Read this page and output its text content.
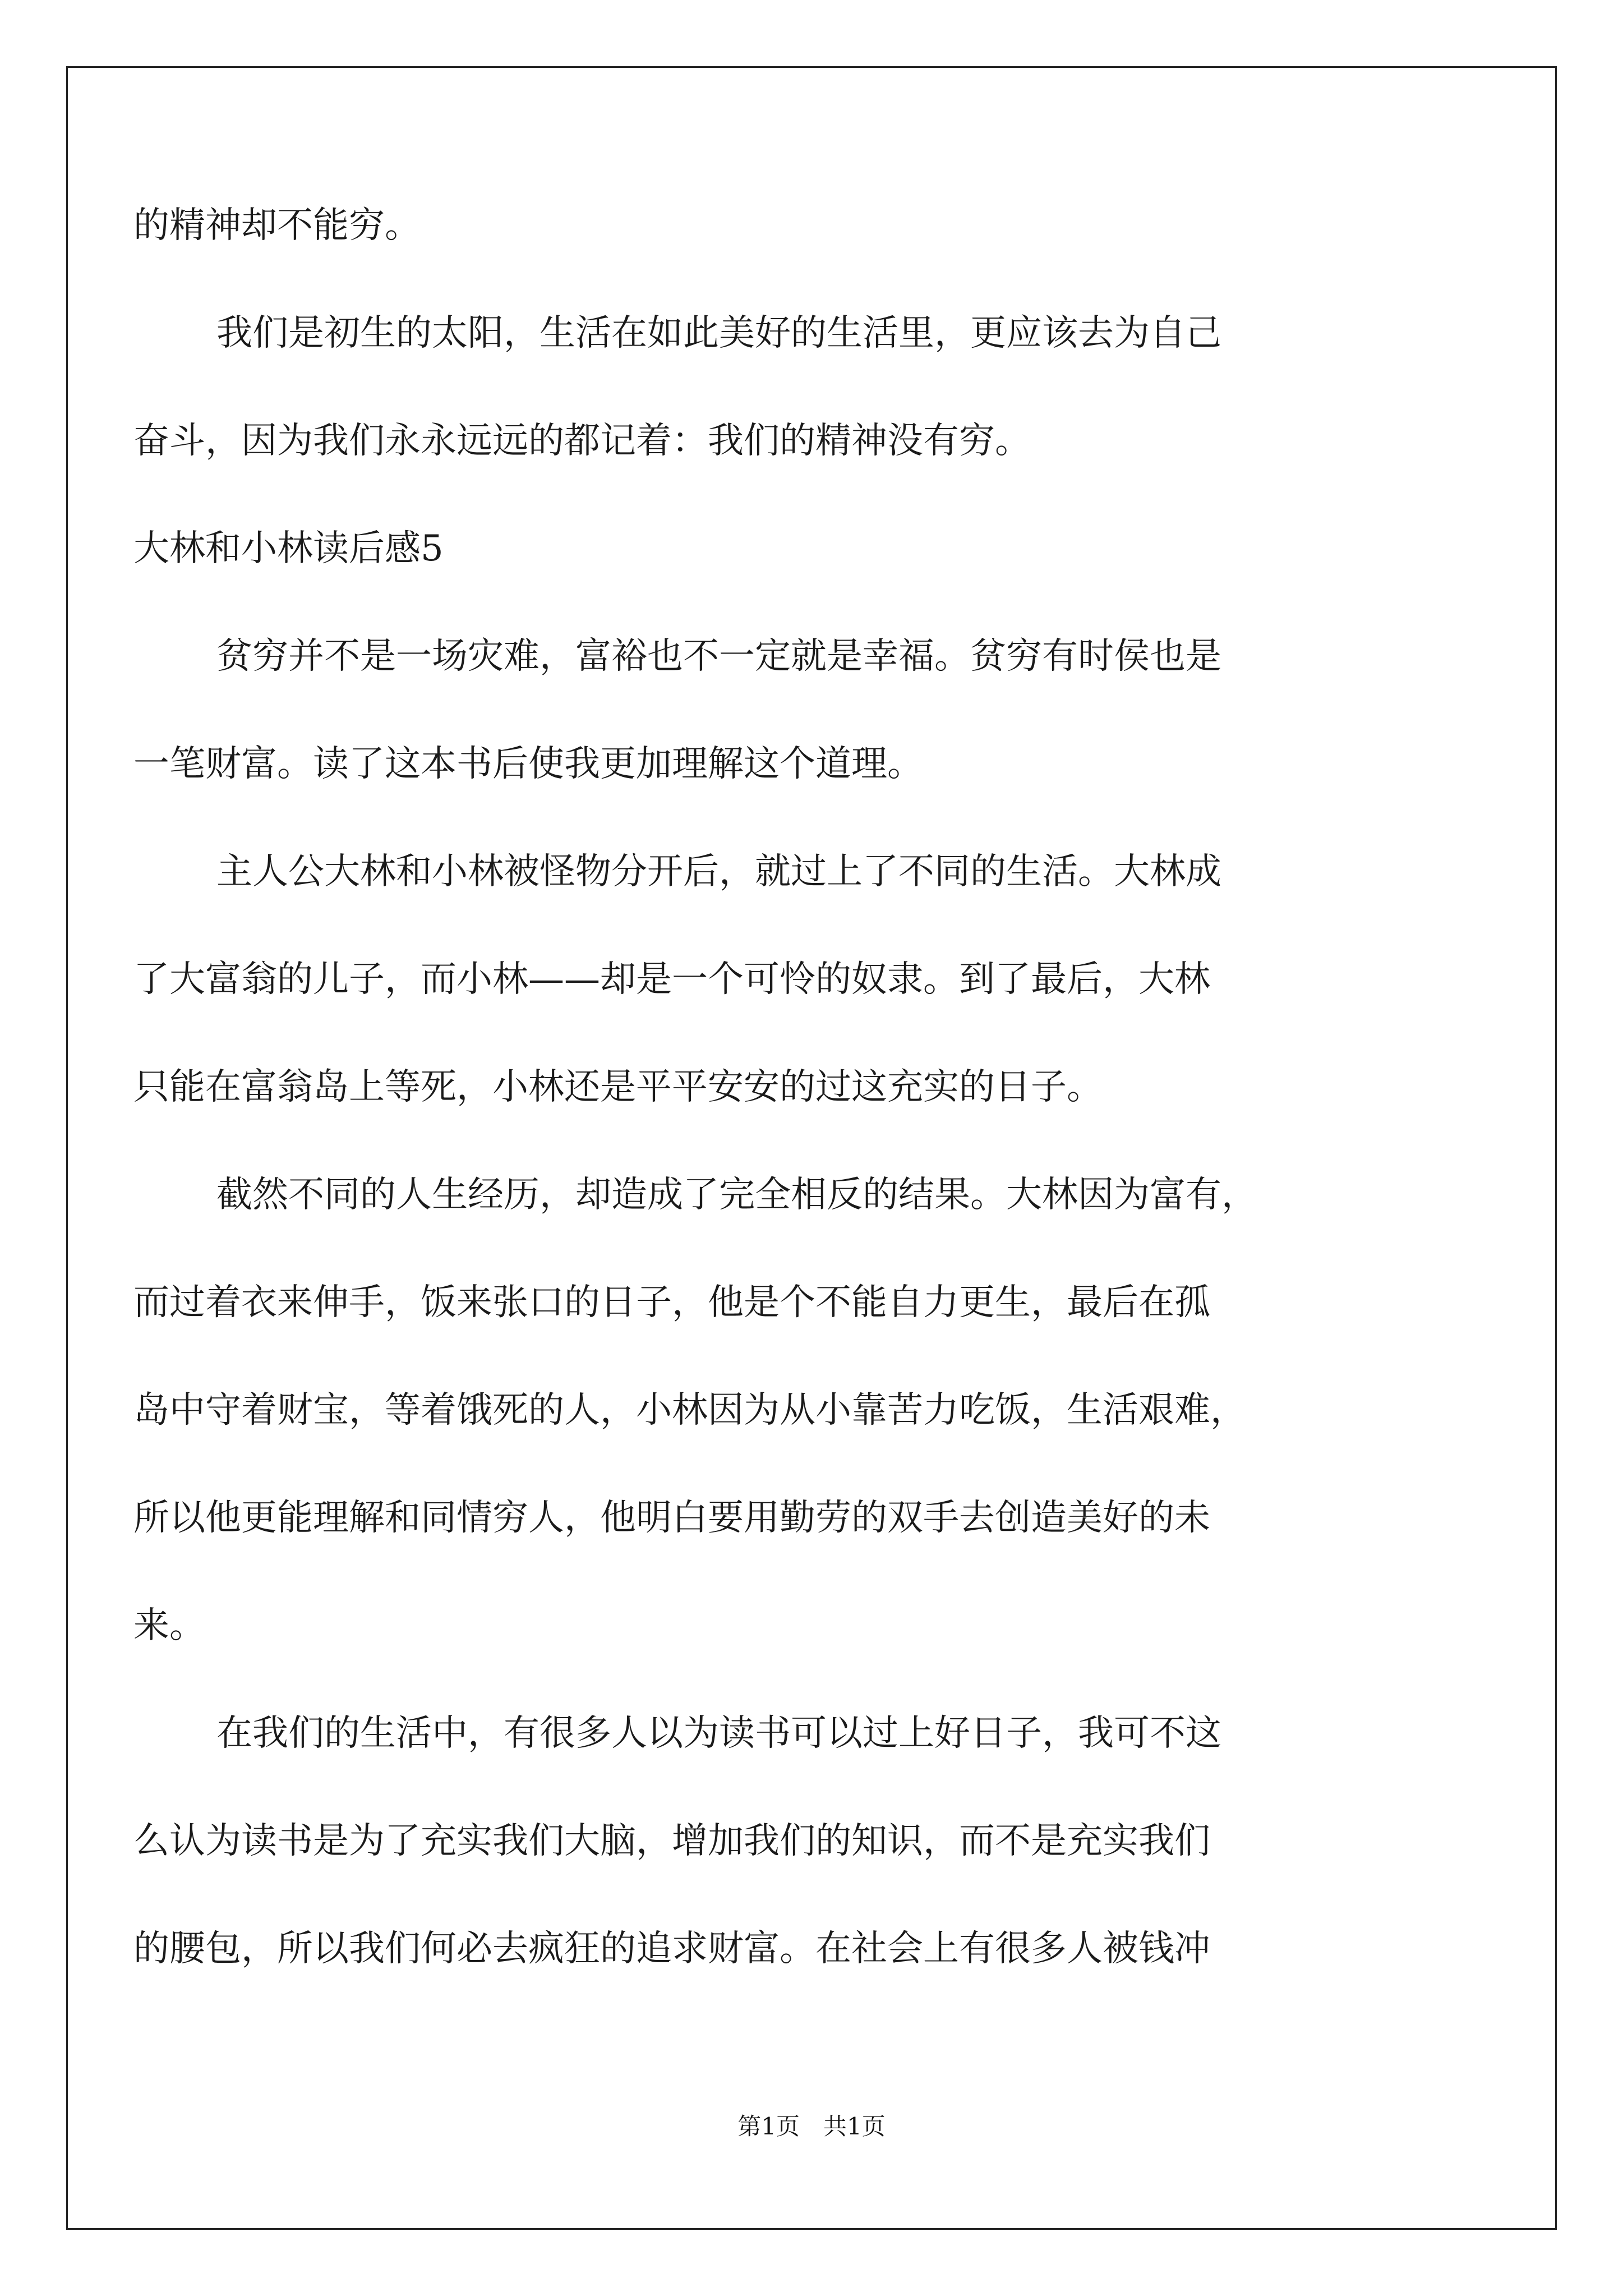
的精神却不能穷。
我们是初生的太阳，生活在如此美好的生活里，更应该去为自己
奋斗，因为我们永永远远的都记着：我们的精神没有穷。
大林和小林读后感5
贫穷并不是一场灾难，富裕也不一定就是幸福。贫穷有时侯也是
一笔财富。读了这本书后使我更加理解这个道理。
主人公大林和小林被怪物分开后，就过上了不同的生活。大林成
了大富翁的儿子，而小林——却是一个可怜的奴隶。到了最后，大林
只能在富翁岛上等死，小林还是平平安安的过这充实的日子。
截然不同的人生经历，却造成了完全相反的结果。大林因为富有，
而过着衣来伸手，饭来张口的日子，他是个不能自力更生，最后在孤
岛中守着财宝，等着饿死的人，小林因为从小靠苦力吃饭，生活艰难，
所以他更能理解和同情穷人，他明白要用勤劳的双手去创造美好的未
来。
在我们的生活中，有很多人以为读书可以过上好日子，我可不这
么认为读书是为了充实我们大脑，增加我们的知识，而不是充实我们
的腰包，所以我们何必去疯狂的追求财富。在社会上有很多人被钱冲
第1页　共1页
